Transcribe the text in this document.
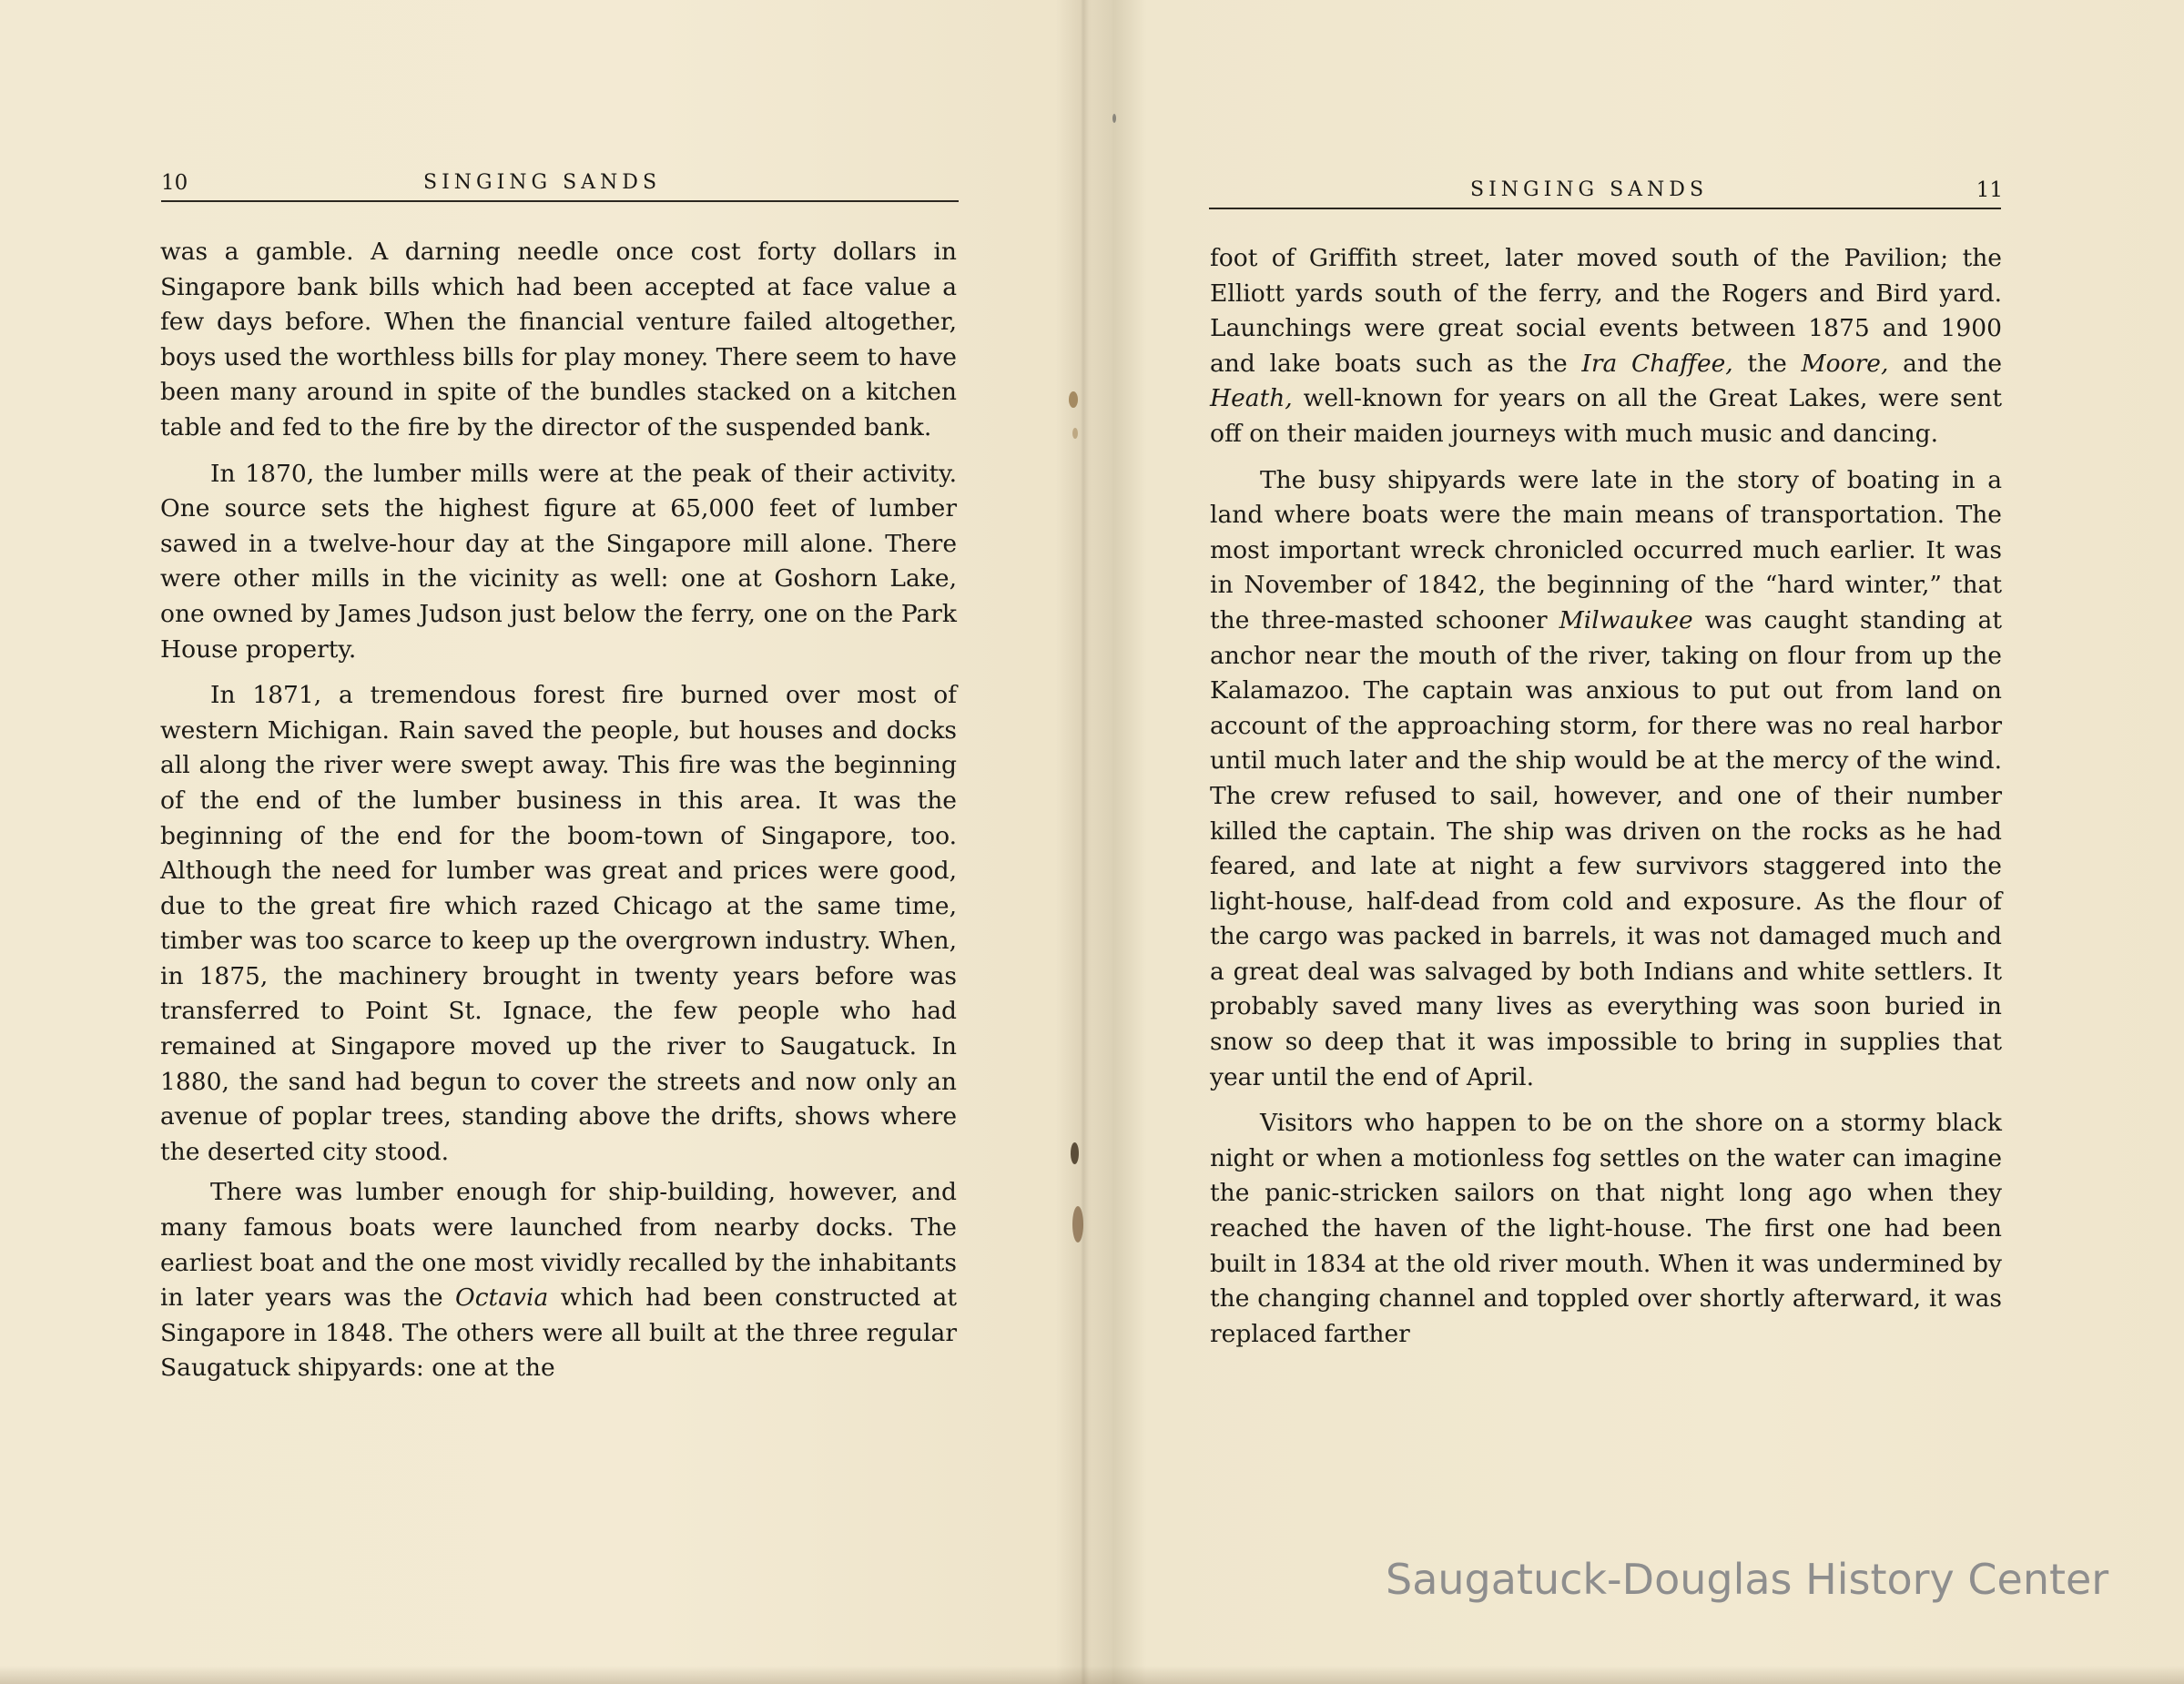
10	SINGING SANDS

was a gamble. A darning needle once cost forty dollars in Singapore bank bills which had been accepted at face value a few days before. When the financial venture failed altogether, boys used the worthless bills for play money. There seem to have been many around in spite of the bundles stacked on a kitchen table and fed to the fire by the director of the suspended bank.

In 1870, the lumber mills were at the peak of their activity. One source sets the highest figure at 65,000 feet of lumber sawed in a twelve-hour day at the Singapore mill alone. There were other mills in the vicinity as well: one at Goshorn Lake, one owned by James Judson just below the ferry, one on the Park House property.

In 1871, a tremendous forest fire burned over most of western Michigan. Rain saved the people, but houses and docks all along the river were swept away. This fire was the beginning of the end of the lumber business in this area. It was the beginning of the end for the boom-town of Singapore, too. Although the need for lumber was great and prices were good, due to the great fire which razed Chicago at the same time, timber was too scarce to keep up the overgrown industry. When, in 1875, the machinery brought in twenty years before was transferred to Point St. Ignace, the few people who had remained at Singapore moved up the river to Saugatuck. In 1880, the sand had begun to cover the streets and now only an avenue of poplar trees, standing above the drifts, shows where the deserted city stood.

There was lumber enough for ship-building, however, and many famous boats were launched from nearby docks. The earliest boat and the one most vividly recalled by the inhabitants in later years was the Octavia which had been constructed at Singapore in 1848. The others were all built at the three regular Saugatuck shipyards: one at the

SINGING SANDS	11

foot of Griffith street, later moved south of the Pavilion; the Elliott yards south of the ferry, and the Rogers and Bird yard. Launchings were great social events between 1875 and 1900 and lake boats such as the Ira Chaffee, the Moore, and the Heath, well-known for years on all the Great Lakes, were sent off on their maiden journeys with much music and dancing.

The busy shipyards were late in the story of boating in a land where boats were the main means of transportation. The most important wreck chronicled occurred much earlier. It was in November of 1842, the beginning of the “hard winter,” that the three-masted schooner Milwaukee was caught standing at anchor near the mouth of the river, taking on flour from up the Kalamazoo. The captain was anxious to put out from land on account of the approaching storm, for there was no real harbor until much later and the ship would be at the mercy of the wind. The crew refused to sail, however, and one of their number killed the captain. The ship was driven on the rocks as he had feared, and late at night a few survivors staggered into the light-house, half-dead from cold and exposure. As the flour of the cargo was packed in barrels, it was not damaged much and a great deal was salvaged by both Indians and white settlers. It probably saved many lives as everything was soon buried in snow so deep that it was impossible to bring in supplies that year until the end of April.

Visitors who happen to be on the shore on a stormy black night or when a motionless fog settles on the water can imagine the panic-stricken sailors on that night long ago when they reached the haven of the light-house. The first one had been built in 1834 at the old river mouth. When it was undermined by the changing channel and toppled over shortly afterward, it was replaced farther

Saugatuck-Douglas History Center
